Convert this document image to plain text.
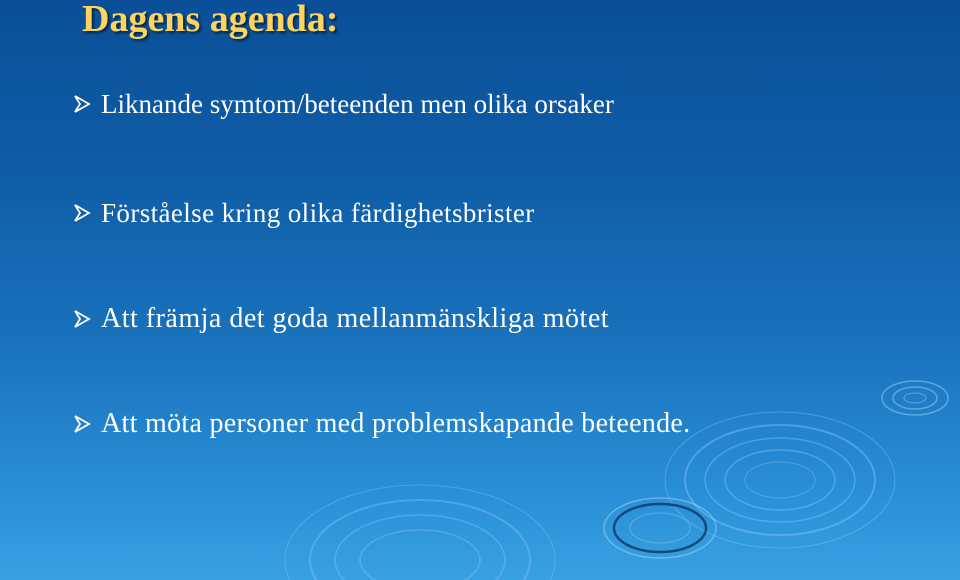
Dagens agenda:
Liknande symtom/beteenden men olika orsaker
Förståelse kring olika färdighetsbrister
Att främja det goda mellanmänskliga mötet
Att möta personer med problemskapande beteende.
